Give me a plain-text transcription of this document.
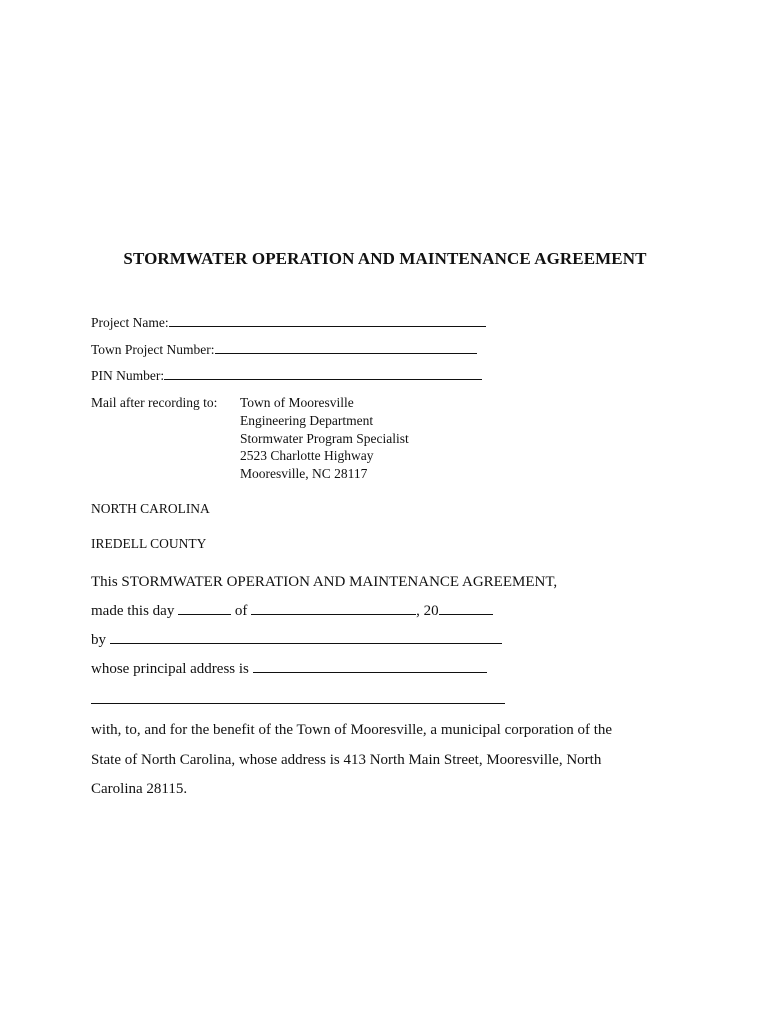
STORMWATER OPERATION AND MAINTENANCE AGREEMENT
Project Name:
Town Project Number:
PIN Number:
Mail after recording to: Town of Mooresville
Engineering Department
Stormwater Program Specialist
2523 Charlotte Highway
Mooresville, NC 28117
NORTH CAROLINA
IREDELL COUNTY
This STORMWATER OPERATION AND MAINTENANCE AGREEMENT,
made this day	of	, 20
by
whose principal address is
with, to, and for the benefit of the Town of Mooresville, a municipal corporation of the
State of North Carolina, whose address is 413 North Main Street, Mooresville, North
Carolina 28115.
